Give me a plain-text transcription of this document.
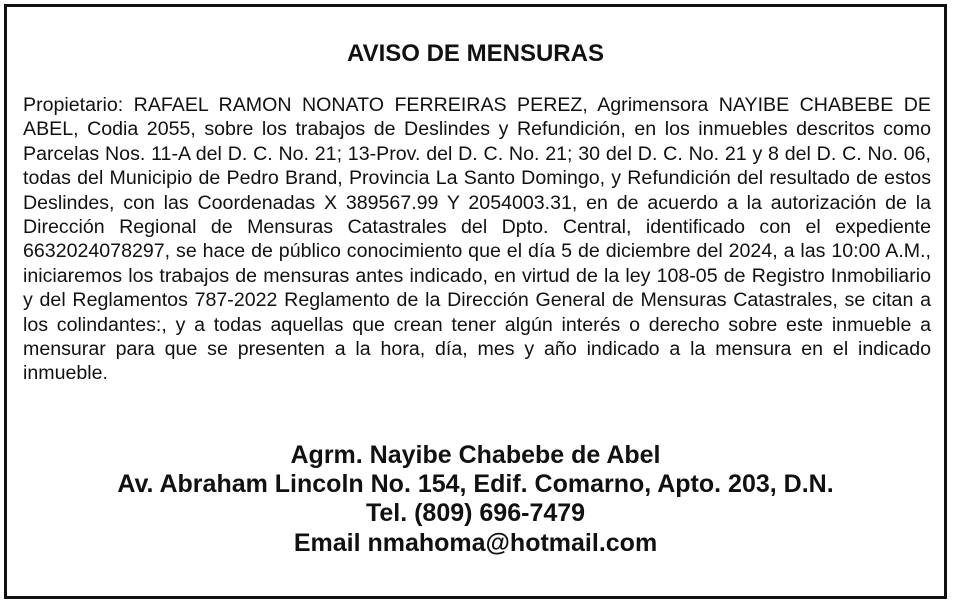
AVISO DE MENSURAS

Propietario: RAFAEL RAMON NONATO FERREIRAS PEREZ, Agrimensora NAYIBE CHABEBE DE ABEL, Codia 2055, sobre los trabajos de Deslindes y Refundición, en los inmuebles descritos como Parcelas Nos. 11-A del D. C. No. 21; 13-Prov. del D. C. No. 21; 30 del D. C. No. 21 y 8 del D. C. No. 06, todas del Municipio de Pedro Brand, Provincia La Santo Domingo, y Refundición del resultado de estos Deslindes, con las Coordenadas X 389567.99 Y 2054003.31, en de acuerdo a la autorización de la Dirección Regional de Mensuras Catastrales del Dpto. Central, identificado con el expediente 6632024078297, se hace de público conocimiento que el día 5 de diciembre del 2024, a las 10:00 A.M., iniciaremos los trabajos de mensuras antes indicado, en virtud de la ley 108-05 de Registro Inmobiliario y del Reglamentos 787-2022 Reglamento de la Dirección General de Mensuras Catastrales, se citan a los colindantes:, y a todas aquellas que crean tener algún interés o derecho sobre este inmueble a mensurar para que se presenten a la hora, día, mes y año indicado a la mensura en el indicado inmueble.

Agrm. Nayibe Chabebe de Abel
Av. Abraham Lincoln No. 154, Edif. Comarno, Apto. 203, D.N.
Tel. (809) 696-7479
Email nmahoma@hotmail.com
